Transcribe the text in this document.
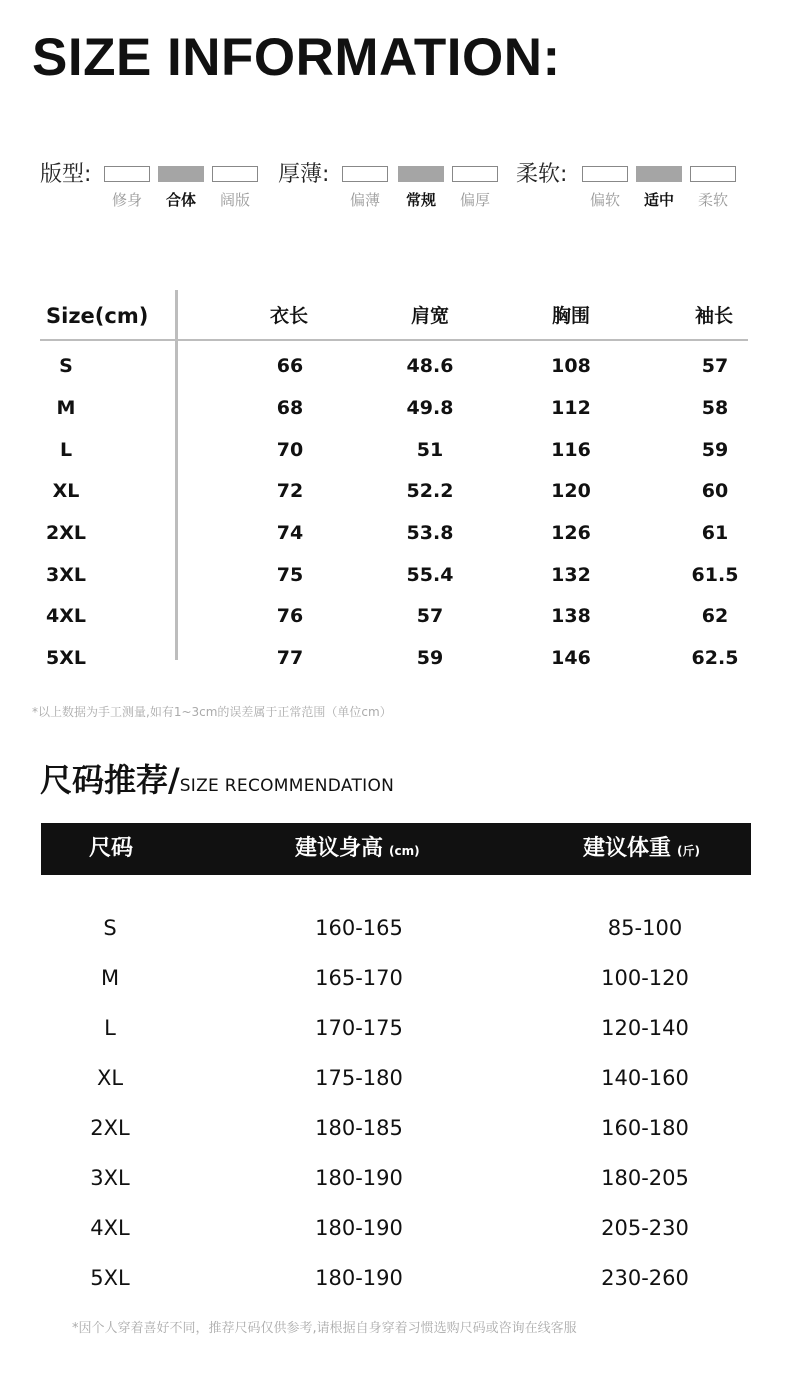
SIZE INFORMATION:
版型:
修身	合体	阔版
厚薄:
偏薄	常规	偏厚
柔软:
偏软	适中	柔软
Size(cm)	衣长	肩宽	胸围	袖长
S	66	48.6	108	57
M	68	49.8	112	58
L	70	51	116	59
XL	72	52.2	120	60
2XL	74	53.8	126	61
3XL	75	55.4	132	61.5
4XL	76	57	138	62
5XL	77	59	146	62.5
*以上数据为手工测量,如有1~3cm的误差属于正常范围（单位cm）
尺码推荐/SIZE RECOMMENDATION
尺码	建议身高 (cm)	建议体重 (斤)
S	160-165	85-100
M	165-170	100-120
L	170-175	120-140
XL	175-180	140-160
2XL	180-185	160-180
3XL	180-190	180-205
4XL	180-190	205-230
5XL	180-190	230-260
*因个人穿着喜好不同，推荐尺码仅供参考,请根据自身穿着习惯选购尺码或咨询在线客服
